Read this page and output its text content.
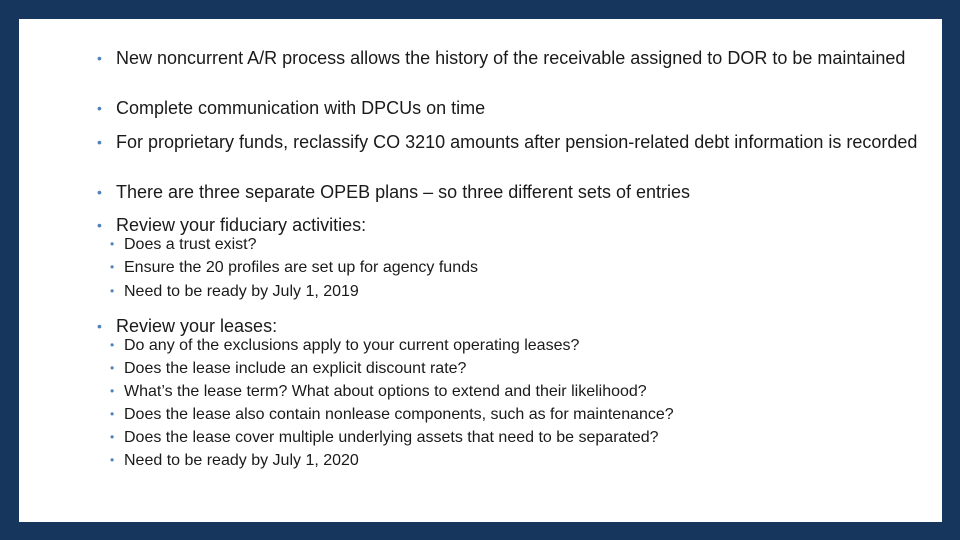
• New noncurrent A/R process allows the history of the receivable assigned to DOR to be maintained
• Complete communication with DPCUs on time
• For proprietary funds, reclassify CO 3210 amounts after pension-related debt information is recorded
• There are three separate OPEB plans – so three different sets of entries
• Review your fiduciary activities:
• Does a trust exist?
• Ensure the 20 profiles are set up for agency funds
• Need to be ready by July 1, 2019
• Review your leases:
• Do any of the exclusions apply to your current operating leases?
• Does the lease include an explicit discount rate?
• What’s the lease term? What about options to extend and their likelihood?
• Does the lease also contain nonlease components, such as for maintenance?
• Does the lease cover multiple underlying assets that need to be separated?
• Need to be ready by July 1, 2020
